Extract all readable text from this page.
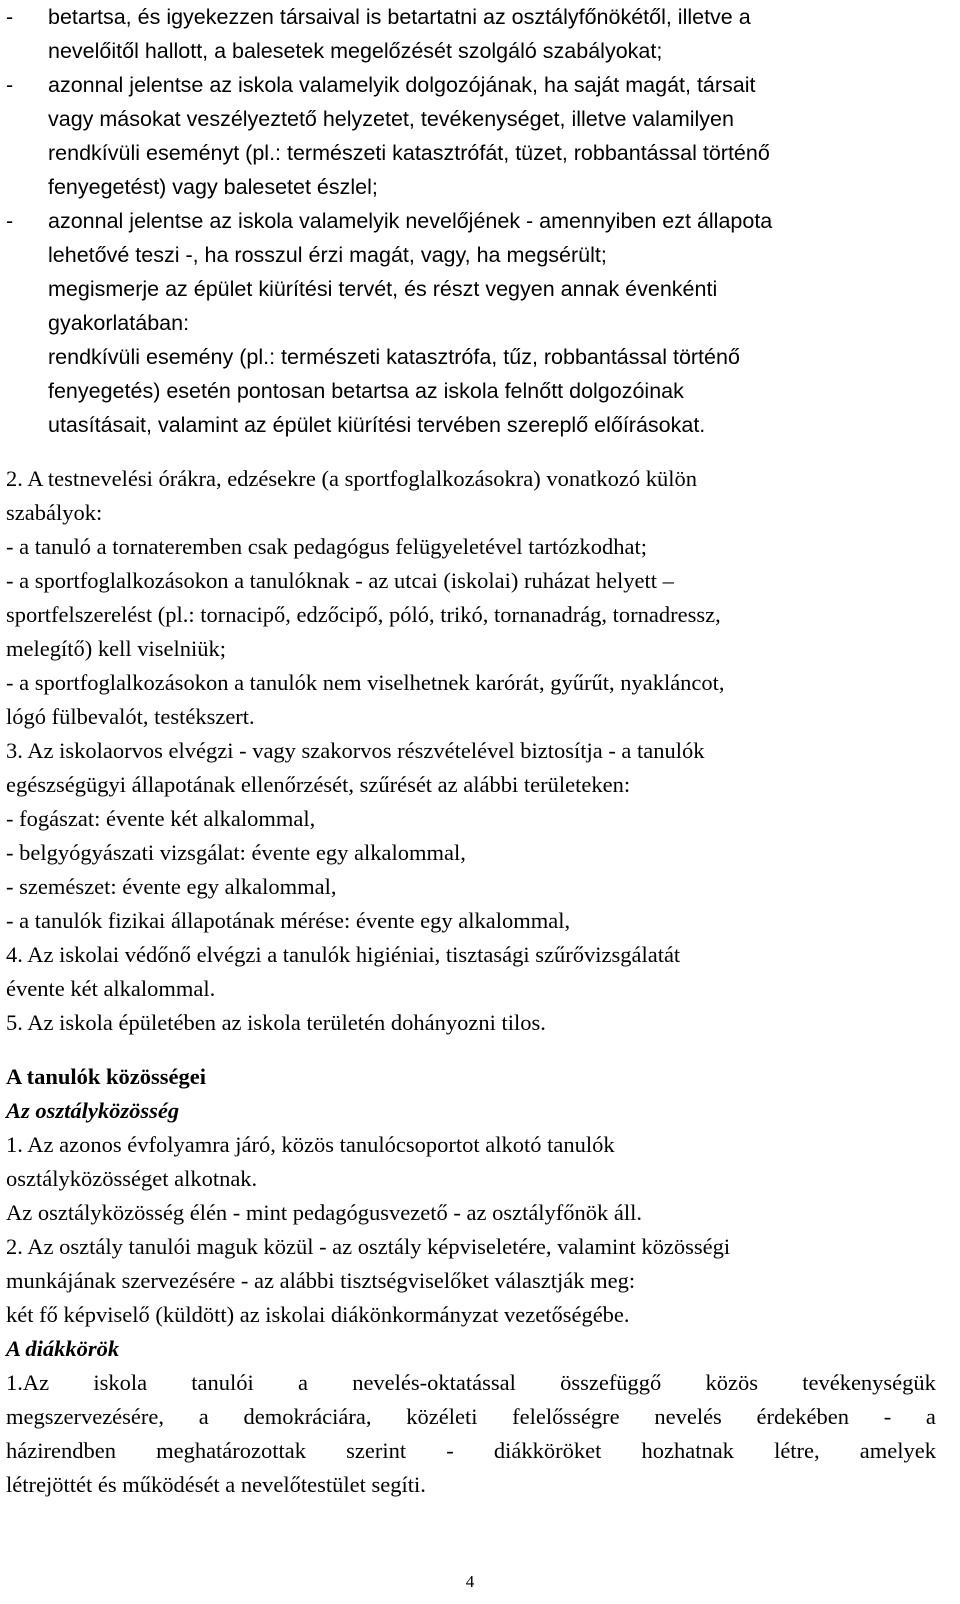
- betartsa, és igyekezzen társaival is betartatni az osztályfőnökétől, illetve a
nevelőitől hallott, a balesetek megelőzését szolgáló szabályokat;
- azonnal jelentse az iskola valamelyik dolgozójának, ha saját magát, társait
vagy másokat veszélyeztető helyzetet, tevékenységet, illetve valamilyen
rendkívüli eseményt (pl.: természeti katasztrófát, tüzet, robbantással történő
fenyegetést) vagy balesetet észlel;
- azonnal jelentse az iskola valamelyik nevelőjének - amennyiben ezt állapota
lehetővé teszi -, ha rosszul érzi magát, vagy, ha megsérült;
megismerje az épület kiürítési tervét, és részt vegyen annak évenkénti
gyakorlatában:
rendkívüli esemény (pl.: természeti katasztrófa, tűz, robbantással történő
fenyegetés) esetén pontosan betartsa az iskola felnőtt dolgozóinak
utasításait, valamint az épület kiürítési tervében szereplő előírásokat.
2. A testnevelési órákra, edzésekre (a sportfoglalkozásokra) vonatkozó külön
szabályok:
- a tanuló a tornateremben csak pedagógus felügyeletével tartózkodhat;
- a sportfoglalkozásokon a tanulóknak - az utcai (iskolai) ruházat helyett –
sportfelszerelést (pl.: tornacipő, edzőcipő, póló, trikó, tornanadrág, tornadressz,
melegítő) kell viselniük;
- a sportfoglalkozásokon a tanulók nem viselhetnek karórát, gyűrűt, nyakláncot,
lógó fülbevalót, testékszert.
3. Az iskolaorvos elvégzi - vagy szakorvos részvételével biztosítja - a tanulók
egészségügyi állapotának ellenőrzését, szűrését az alábbi területeken:
- fogászat: évente két alkalommal,
- belgyógyászati vizsgálat: évente egy alkalommal,
- szemészet: évente egy alkalommal,
- a tanulók fizikai állapotának mérése: évente egy alkalommal,
4. Az iskolai védőnő elvégzi a tanulók higiéniai, tisztasági szűrővizsgálatát
évente két alkalommal.
5. Az iskola épületében az iskola területén dohányozni tilos.
A tanulók közösségei
Az osztályközösség
1. Az azonos évfolyamra járó, közös tanulócsoportot alkotó tanulók
osztályközösséget alkotnak.
Az osztályközösség élén - mint pedagógusvezető - az osztályfőnök áll.
2. Az osztály tanulói maguk közül - az osztály képviseletére, valamint közösségi
munkájának szervezésére - az alábbi tisztségviselőket választják meg:
két fő képviselő (küldött) az iskolai diákönkormányzat vezetőségébe.
A diákkörök
1.Az iskola tanulói a nevelés-oktatással összefüggő közös tevékenységük
megszervezésére, a demokráciára, közéleti felelősségre nevelés érdekében - a
házirendben meghatározottak szerint - diákköröket hozhatnak létre, amelyek
létrejöttét és működését a nevelőtestület segíti.
4
